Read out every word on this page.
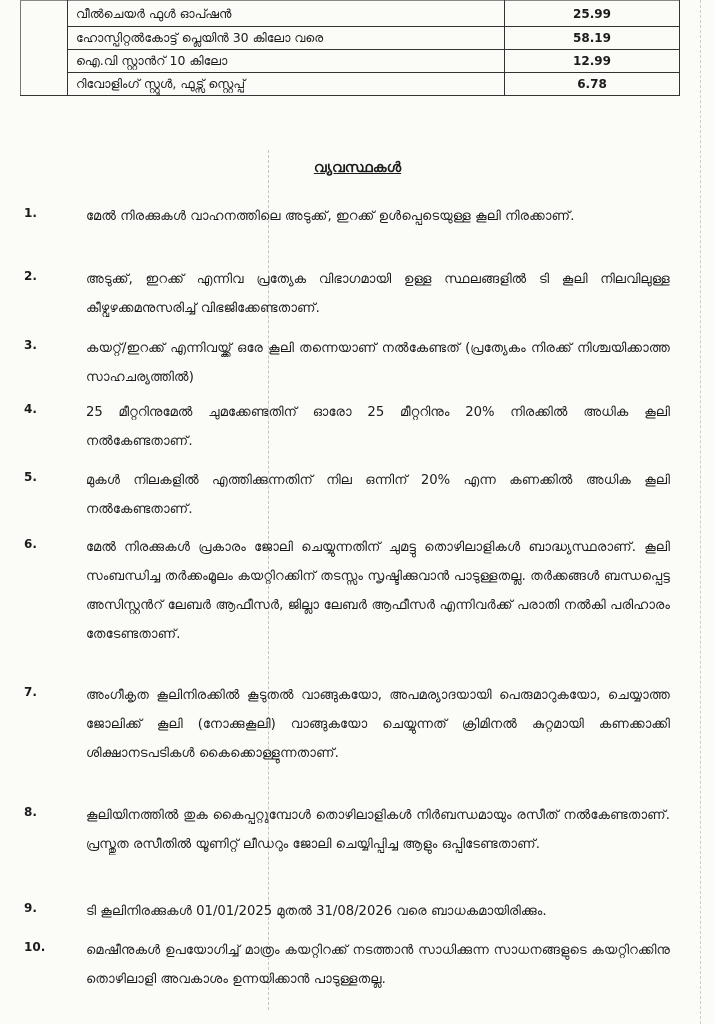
	വീൽചെയർ ഫുൾ ഓപ്ഷൻ	25.99
	ഹോസ്പിറ്റൽകോട്ട് പ്ലെയിൻ 30 കിലോ വരെ	58.19
	ഐ.വി സ്റ്റാൻറ് 10 കിലോ	12.99
	റിവോളിംഗ് സ്റ്റൂൾ, ഫുട്സ് സ്റ്റെപ്പ്	6.78
വ്യവസ്ഥകൾ
1.	മേൽ നിരക്കുകൾ വാഹനത്തിലെ അടുക്ക്, ഇറക്ക് ഉൾപ്പെടെയുള്ള കൂലി നിരക്കാണ്.

2.	അടുക്ക്, ഇറക്ക് എന്നിവ പ്രത്യേക വിഭാഗമായി ഉള്ള സ്ഥലങ്ങളിൽ ടി കൂലി നിലവിലുള്ള കീഴ്വഴക്കമനുസരിച്ച് വിഭജിക്കേണ്ടതാണ്.

3.	കയറ്റ്/ഇറക്ക് എന്നിവയ്ക്ക് ഒരേ കൂലി തന്നെയാണ് നൽകേണ്ടത് (പ്രത്യേകം നിരക്ക് നിശ്ചയിക്കാത്ത സാഹചര്യത്തിൽ)

4.	25 മീറ്ററിനുമേൽ ചുമക്കേണ്ടതിന് ഓരോ 25 മീറ്ററിനും 20% നിരക്കിൽ അധിക കൂലി നൽകേണ്ടതാണ്.

5.	മുകൾ നിലകളിൽ എത്തിക്കുന്നതിന് നില ഒന്നിന് 20% എന്ന കണക്കിൽ അധിക കൂലി നൽകേണ്ടതാണ്.

6.	മേൽ നിരക്കുകൾ പ്രകാരം ജോലി ചെയ്യുന്നതിന് ചുമട്ടു തൊഴിലാളികൾ ബാദ്ധ്യസ്ഥരാണ്. കൂലി സംബന്ധിച്ച തർക്കംമൂലം കയറ്റിറക്കിന് തടസ്സം സൃഷ്ടിക്കുവാൻ പാടുള്ളതല്ല. തർക്കങ്ങൾ ബന്ധപ്പെട്ട അസിസ്റ്റൻറ് ലേബർ ആഫീസർ, ജില്ലാ ലേബർ ആഫീസർ എന്നിവർക്ക് പരാതി നൽകി പരിഹാരം തേടേണ്ടതാണ്.

7.	അംഗീകൃത കൂലിനിരക്കിൽ കൂടുതൽ വാങ്ങുകയോ, അപമര്യാദയായി പെരുമാറുകയോ, ചെയ്യാത്ത ജോലിക്ക് കൂലി (നോക്കുകൂലി) വാങ്ങുകയോ ചെയ്യുന്നത് ക്രിമിനൽ കുറ്റമായി കണക്കാക്കി ശിക്ഷാനടപടികൾ കൈക്കൊള്ളുന്നതാണ്.

8.	കൂലിയിനത്തിൽ തുക കൈപ്പറ്റുമ്പോൾ തൊഴിലാളികൾ നിർബന്ധമായും രസീത് നൽകേണ്ടതാണ്. പ്രസ്തുത രസീതിൽ യൂണിറ്റ് ലീഡറും ജോലി ചെയ്യിപ്പിച്ച ആളും ഒപ്പിടേണ്ടതാണ്.

9.	ടി കൂലിനിരക്കുകൾ 01/01/2025 മുതൽ 31/08/2026 വരെ ബാധകമായിരിക്കും.

10.	മെഷീനുകൾ ഉപയോഗിച്ച് മാത്രം കയറ്റിറക്ക് നടത്താൻ സാധിക്കുന്ന സാധനങ്ങളുടെ കയറ്റിറക്കിനു തൊഴിലാളി അവകാശം ഉന്നയിക്കാൻ പാടുള്ളതല്ല.
